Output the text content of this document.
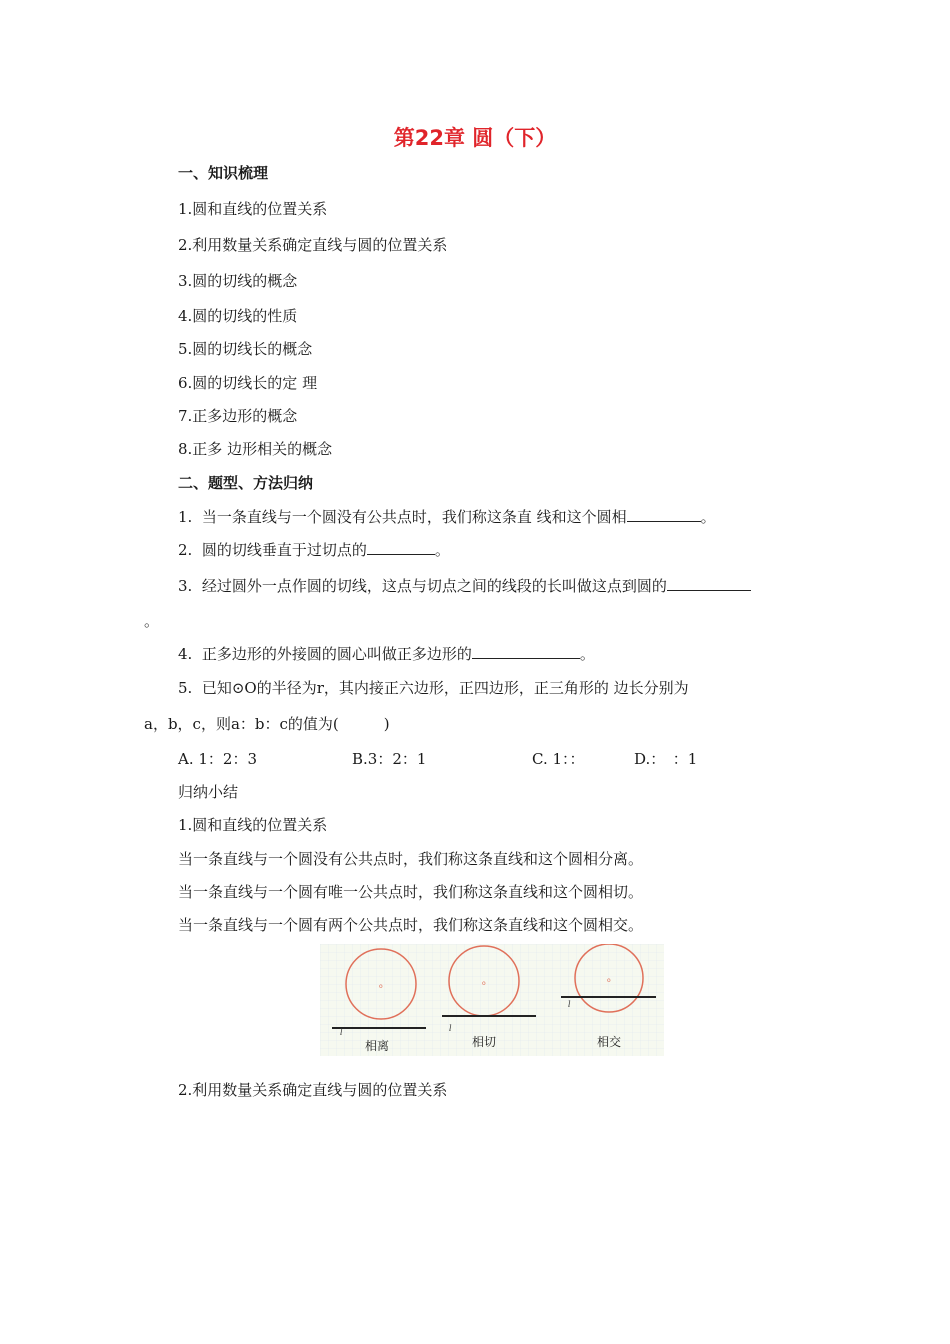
第22章 圆（下）
一、知识梳理
1.圆和直线的位置关系
2.利用数量关系确定直线与圆的位置关系
3.圆的切线的概念
4.圆的切线的性质
5.圆的切线长的概念
6.圆的切线长的定 理
7.正多边形的概念
8.正多 边形相关的概念
二、题型、方法归纳
1. 当一条直线与一个圆没有公共点时，我们称这条直 线和这个圆相	。
2. 圆的切线垂直于过切点的	。
3. 经过圆外一点作圆的切线，这点与切点之间的线段的长叫做这点到圆的
。
4. 正多边形的外接圆的圆心叫做正多边形的	。
5. 已知⊙O的半径为r，其内接正六边形，正四边形，正三角形的 边长分别为
a，b，c，则a：b：c的值为(　　　)
A. 1：2：3	B.3：2：1	C. 1：：	D.：　：1
归纳小结
1.圆和直线的位置关系
当一条直线与一个圆没有公共点时，我们称这条直线和这个圆相分离。
当一条直线与一个圆有唯一公共点时，我们称这条直线和这个圆相切。
当一条直线与一个圆有两个公共点时，我们称这条直线和这个圆相交。
o
l
相离
o
l
相切
o
l
相交
2.利用数量关系确定直线与圆的位置关系
